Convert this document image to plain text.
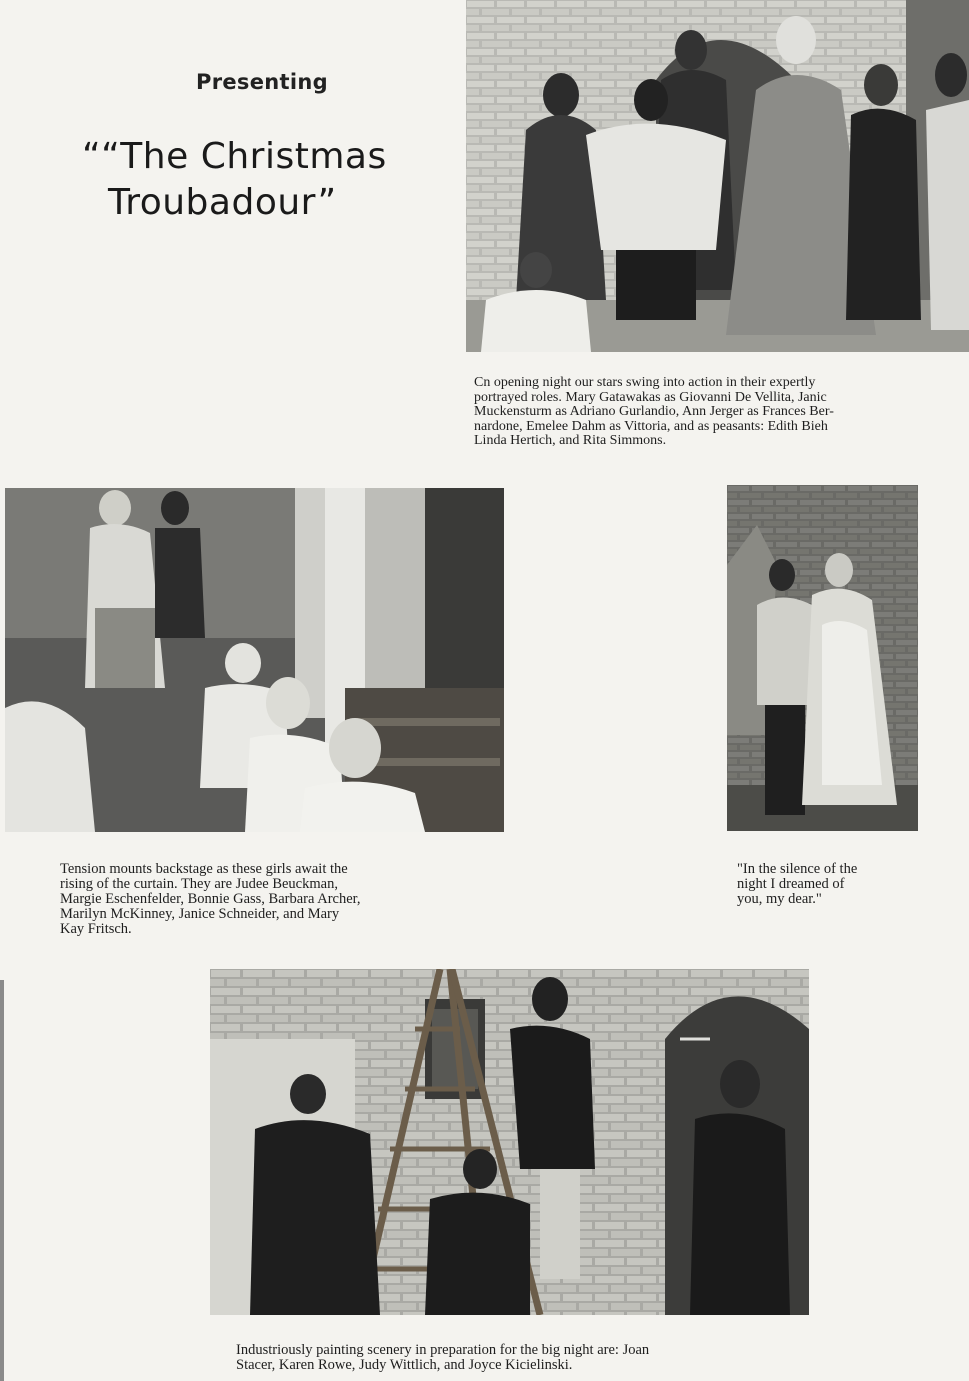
Presenting
““The Christmas
Troubadour”
Cn opening night our stars swing into action in their expertly
portrayed roles. Mary Gatawakas as Giovanni De Vellita, Janic
Muckensturm as Adriano Gurlandio, Ann Jerger as Frances Ber-
nardone, Emelee Dahm as Vittoria, and as peasants: Edith Bieh
Linda Hertich, and Rita Simmons.
Tension mounts backstage as these girls await the
rising of the curtain. They are Judee Beuckman,
Margie Eschenfelder, Bonnie Gass, Barbara Archer,
Marilyn McKinney, Janice Schneider, and Mary
Kay Fritsch.
"In the silence of the
night I dreamed of
you, my dear."
Industriously painting scenery in preparation for the big night are: Joan
Stacer, Karen Rowe, Judy Wittlich, and Joyce Kicielinski.
